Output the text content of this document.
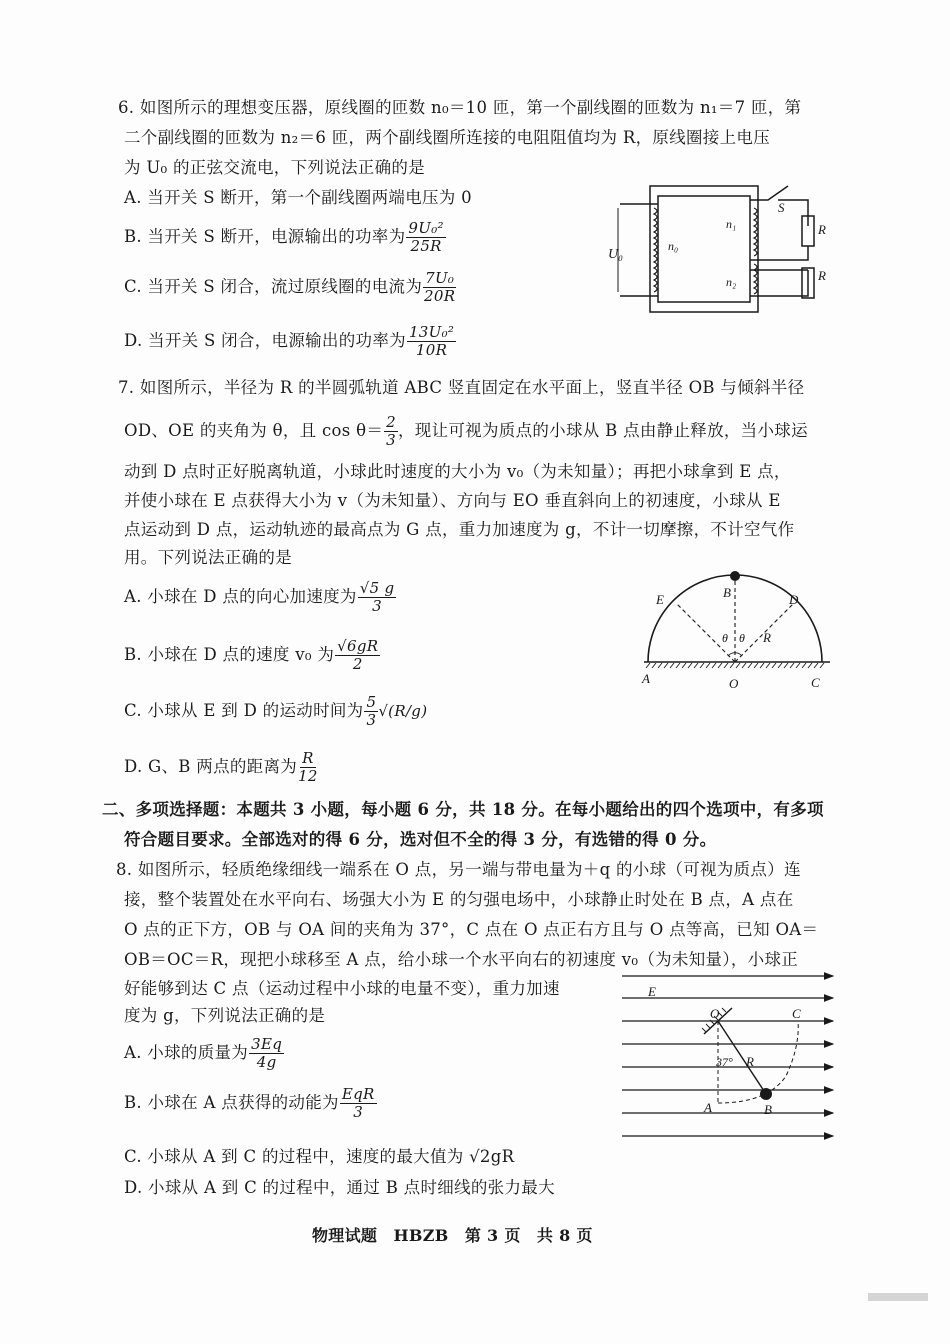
6. 如图所示的理想变压器，原线圈的匝数 n₀＝10 匝，第一个副线圈的匝数为 n₁＝7 匝，第
二个副线圈的匝数为 n₂＝6 匝，两个副线圈所连接的电阻阻值均为 R，原线圈接上电压
为 U₀ 的正弦交流电，下列说法正确的是
A. 当开关 S 断开，第一个副线圈两端电压为 0
B. 当开关 S 断开，电源输出的功率为 $\frac{\text{9U₀²}}{25R}$
C. 当开关 S 闭合，流过原线圈的电流为 $\frac{\text{7U₀}}{20R}$
D. 当开关 S 闭合，电源输出的功率为 $\frac{\text{13U₀²}}{10R}$
U₀
n₀
n₁
n₂
S
R
R
7. 如图所示，半径为 R 的半圆弧轨道 ABC 竖直固定在水平面上，竖直半径 OB 与倾斜半径
OD、OE 的夹角为 θ，且 $\cos \theta= \frac{2}{3}$ ，现让可视为质点的小球从 B 点由静止释放，当小球运
动到 D 点时正好脱离轨道，小球此时速度的大小为 v₀（为未知量）；再把小球拿到 E 点，
并使小球在 E 点获得大小为 v（为未知量）、方向与 EO 垂直斜向上的初速度，小球从 E
点运动到 D 点，运动轨迹的最高点为 G 点，重力加速度为 g，不计一切摩擦，不计空气作
用。下列说法正确的是
A. 小球在 D 点的向心加速度为 $\frac{√5 g}{3}$
B. 小球在 D 点的速度 v₀ 为 $\frac{√6gR}{2}$
C. 小球从 E 到 D 的运动时间为 $\frac{5}{3} √(R/g)$
D. G、B 两点的距离为 $\frac{R}{12}$
B
E	D
θ θ R
A	O	C
二、多项选择题：本题共 3 小题，每小题 6 分，共 18 分。在每小题给出的四个选项中，有多项
符合题目要求。全部选对的得 6 分，选对但不全的得 3 分，有选错的得 0 分。
8. 如图所示，轻质绝缘细线一端系在 O 点，另一端与带电量为＋q 的小球（可视为质点）连
接，整个装置处在水平向右、场强大小为 E 的匀强电场中，小球静止时处在 B 点，A 点在
O 点的正下方，OB 与 OA 间的夹角为 37°，C 点在 O 点正右方且与 O 点等高，已知 OA＝
OB＝OC＝R，现把小球移至 A 点，给小球一个水平向右的初速度 v₀（为未知量），小球正
好能够到达 C 点（运动过程中小球的电量不变），重力加速
度为 g，下列说法正确的是
A. 小球的质量为 $\frac{3Eq}{4g}$
B. 小球在 A 点获得的动能为 $\frac{\text{EqR}}{3}$
C. 小球从 A 到 C 的过程中，速度的最大值为 √2gR
D. 小球从 A 到 C 的过程中，通过 B 点时细线的张力最大
E
O	C
37° R
A	B
物理试题　HBZB　第 3 页　共 8 页
